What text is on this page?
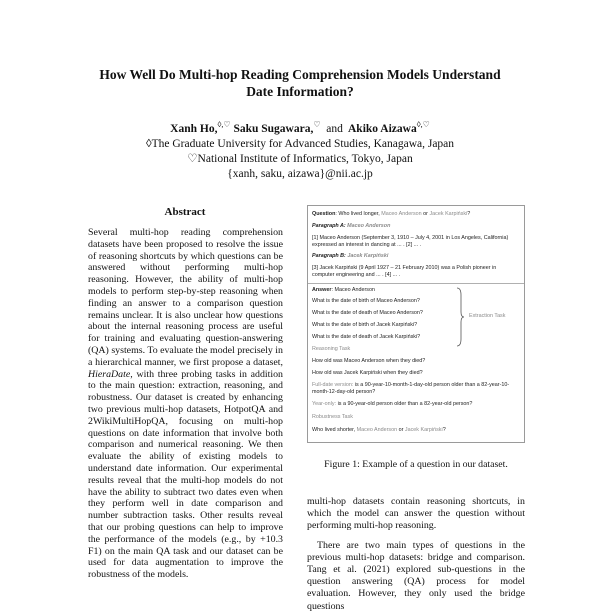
How Well Do Multi-hop Reading Comprehension Models Understand
Date Information?
Xanh Ho,◊,♡ Saku Sugawara,♡ and Akiko Aizawa◊,♡
◊The Graduate University for Advanced Studies, Kanagawa, Japan
♡National Institute of Informatics, Tokyo, Japan
{xanh, saku, aizawa}@nii.ac.jp
Abstract
Several multi-hop reading comprehension datasets have been proposed to resolve the issue of reasoning shortcuts by which questions can be answered without performing multi-hop reasoning. However, the ability of multi-hop models to perform step-by-step reasoning when finding an answer to a comparison question remains unclear. It is also unclear how questions about the internal reasoning process are useful for training and evaluating question-answering (QA) systems. To evaluate the model precisely in a hierarchical manner, we first propose a dataset, HieraDate, with three probing tasks in addition to the main question: extraction, reasoning, and robustness. Our dataset is created by enhancing two previous multi-hop datasets, HotpotQA and 2WikiMultiHopQA, focusing on multi-hop questions on date information that involve both comparison and numerical reasoning. We then evaluate the ability of existing models to understand date information. Our experimental results reveal that the multi-hop models do not have the ability to subtract two dates even when they perform well in date comparison and number subtraction tasks. Other results reveal that our probing questions can help to improve the performance of the models (e.g., by +10.3 F1) on the main QA task and our dataset can be used for data augmentation to improve the robustness of the models.
Question: Who lived longer, Maceo Anderson or Jacek Karpiński?
Paragraph A: Maceo Anderson
[1] Maceo Anderson (September 3, 1910 – July 4, 2001 in Los Angeles, California) expressed an interest in dancing at ... . [2] ... .
Paragraph B: Jacek Karpiński
[3] Jacek Karpiński (9 April 1927 – 21 February 2010) was a Polish pioneer in computer engineering and ... . [4] ... .
Answer: Maceo Anderson
What is the date of birth of Maceo Anderson?
What is the date of death of Maceo Anderson?
What is the date of birth of Jacek Karpiński?
What is the date of death of Jacek Karpiński?
Extraction Task
Reasoning Task
How old was Maceo Anderson when they died?
How old was Jacek Karpiński when they died?
Full-date version: is a 90-year-10-month-1-day-old person older than a 82-year-10-month-12-day-old person?
Year-only: is a 90-year-old person older than a 82-year-old person?
Robustness Task
Who lived shorter, Maceo Anderson or Jacek Karpiński?
Figure 1: Example of a question in our dataset.

multi-hop datasets contain reasoning shortcuts, in which the model can answer the question without performing multi-hop reasoning.

There are two main types of questions in the previous multi-hop datasets: bridge and comparison. Tang et al. (2021) explored sub-questions in the question answering (QA) process for model evaluation. However, they only used the bridge questions
